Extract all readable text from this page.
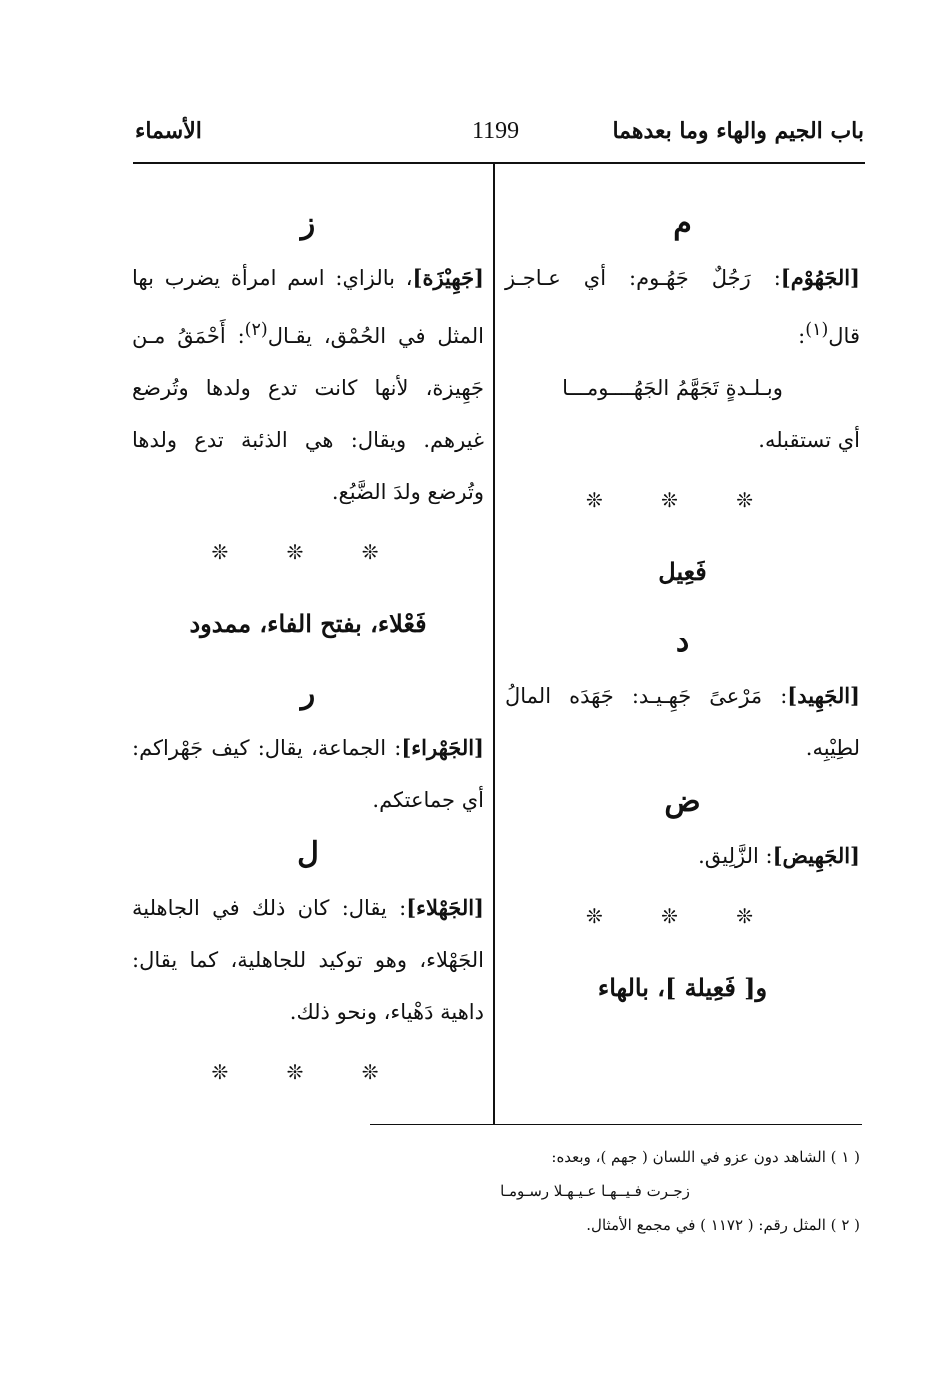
باب الجيم والهاء وما بعدهما
1199
الأسماء
م

[الجَهُوْم]: رَجُلٌ جَهُـوم: أي عـاجـز قال$^{(١)}$:

وبـلـدةٍ تَجَهَّمُ الجَهُــــومـــا

أي تستقبله.

❊ ❊ ❊
فَعِيل
د

[الجَهِيد]: مَرْعىً جَهِـيـد: جَهَدَه المالُ لطِيْبِه.

ض

[الجَهِيض]: الزَّلِيق.

❊ ❊ ❊
و[ فَعِيلة ]، بالهاء
ز

[جَهِيْزَة]، بالزاي: اسم امرأة يضرب بها المثل في الحُمْق، يقـال$^{(٢)}$: أَحْمَقُ مـن جَهِيزة، لأنها كانت تدع ولدها وتُرضع غيرهم. ويقال: هي الذئبة تدع ولدها وتُرضع ولدَ الضَّبُع.

❊ ❊ ❊
فَعْلاء، بفتح الفاء، ممدود
ر

[الجَهْراء]: الجماعة، يقال: كيف جَهْراكم: أي جماعتكم.

ل

[الجَهْلاء]: يقال: كان ذلك في الجاهلية الجَهْلاء، وهو توكيد للجاهلية، كما يقال: داهية دَهْياء، ونحو ذلك.

❊ ❊ ❊

( ١ ) الشاهد دون عزو في اللسان ( جهم )، وبعده:

زجـرت فـيــهـا عـيـهـلا رسـومـا

( ٢ ) المثل رقم: ( ١١٧٢ ) في مجمع الأمثال.
